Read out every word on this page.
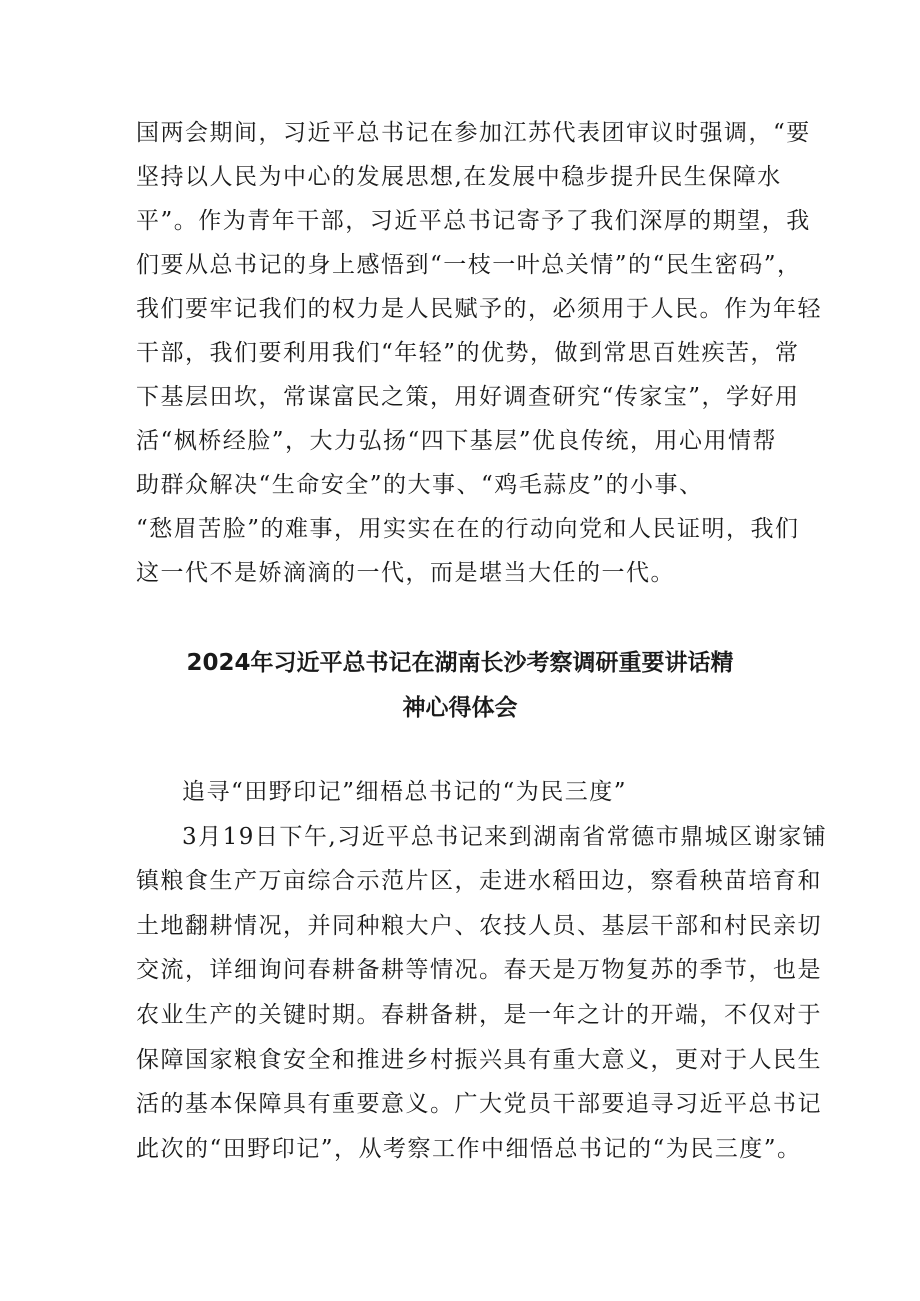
国两会期间，习近平总书记在参加江苏代表团审议时强调，“要
坚持以人民为中心的发展思想,在发展中稳步提升民生保障水
平”。作为青年干部，习近平总书记寄予了我们深厚的期望，我
们要从总书记的身上感悟到“一枝一叶总关情”的“民生密码”，
我们要牢记我们的权力是人民赋予的，必须用于人民。作为年轻
干部，我们要利用我们“年轻”的优势，做到常思百姓疾苦，常
下基层田坎，常谋富民之策，用好调查研究“传家宝”，学好用
活“枫桥经脸”，大力弘扬“四下基层”优良传统，用心用情帮
助群众解决“生命安全”的大事、“鸡毛蒜皮”的小事、
“愁眉苦脸”的难事，用实实在在的行动向党和人民证明，我们
这一代不是娇滴滴的一代，而是堪当大任的一代。
2024年习近平总书记在湖南长沙考察调研重要讲话精
神心得体会
追寻“田野印记”细梧总书记的“为民三度”
3月19日下午,习近平总书记来到湖南省常德市鼎城区谢家铺
镇粮食生产万亩综合示范片区，走进水稻田边，察看秧苗培育和
土地翻耕情况，并同种粮大户、农技人员、基层干部和村民亲切
交流，详细询问春耕备耕等情况。春天是万物复苏的季节，也是
农业生产的关键时期。春耕备耕，是一年之计的开端，不仅对于
保障国家粮食安全和推进乡村振兴具有重大意义，更对于人民生
活的基本保障具有重要意义。广大党员干部要追寻习近平总书记
此次的“田野印记”，从考察工作中细悟总书记的“为民三度”。
